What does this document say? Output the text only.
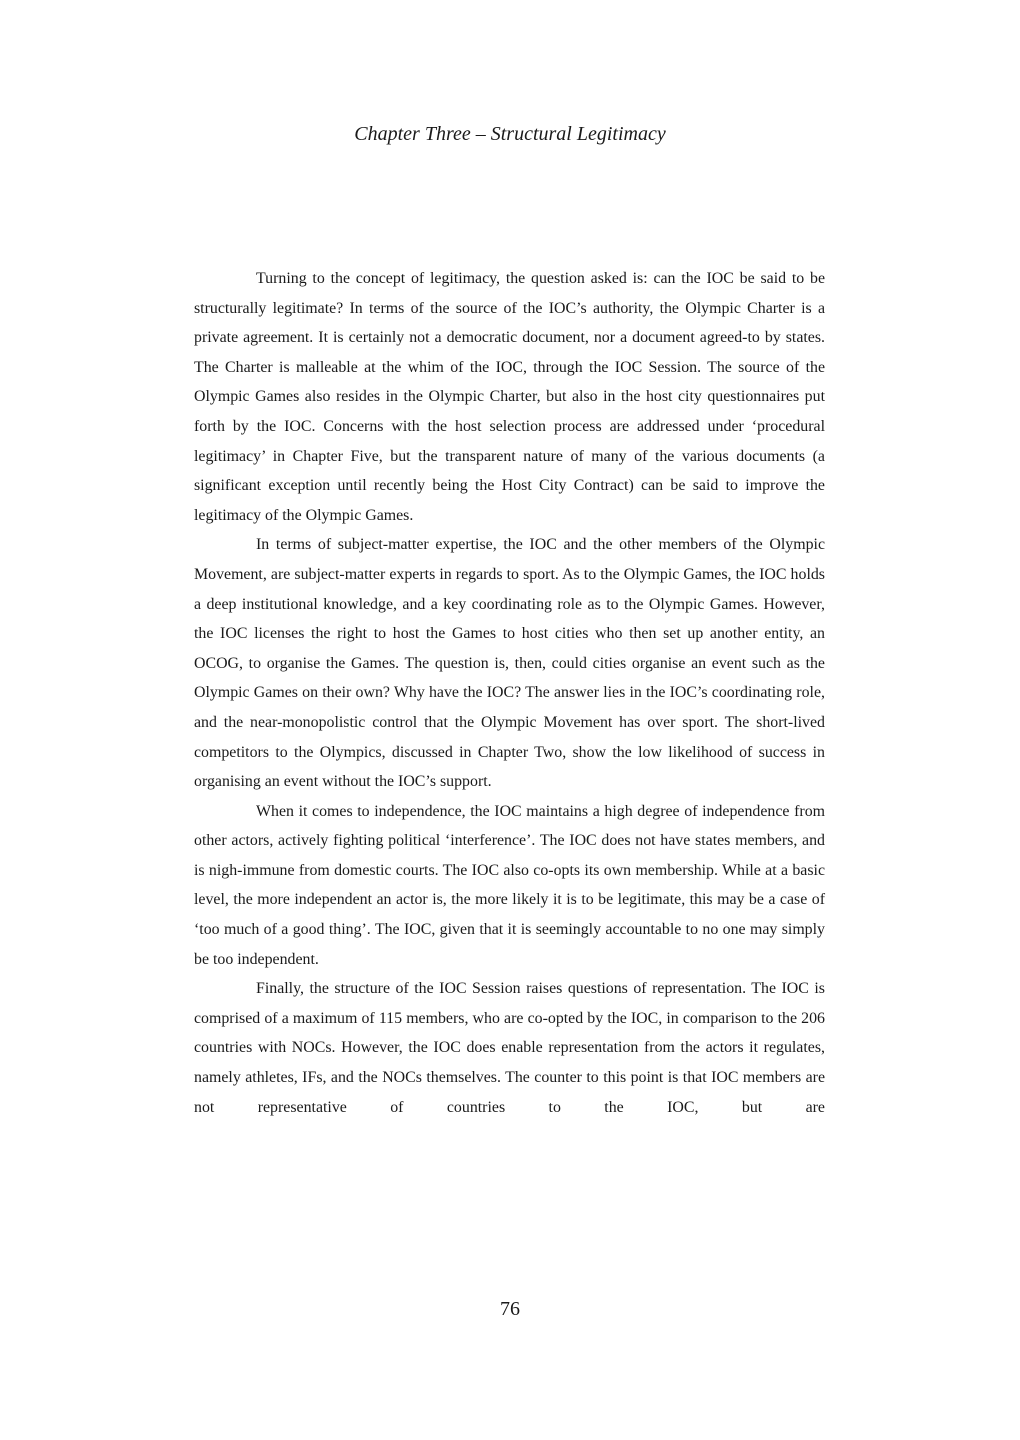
Chapter Three – Structural Legitimacy

Turning to the concept of legitimacy, the question asked is: can the IOC be said to be structurally legitimate? In terms of the source of the IOC’s authority, the Olympic Charter is a private agreement. It is certainly not a democratic document, nor a document agreed-to by states. The Charter is malleable at the whim of the IOC, through the IOC Session. The source of the Olympic Games also resides in the Olympic Charter, but also in the host city questionnaires put forth by the IOC. Concerns with the host selection process are addressed under ‘procedural legitimacy’ in Chapter Five, but the transparent nature of many of the various documents (a significant exception until recently being the Host City Contract) can be said to improve the legitimacy of the Olympic Games.

In terms of subject-matter expertise, the IOC and the other members of the Olympic Movement, are subject-matter experts in regards to sport. As to the Olympic Games, the IOC holds a deep institutional knowledge, and a key coordinating role as to the Olympic Games. However, the IOC licenses the right to host the Games to host cities who then set up another entity, an OCOG, to organise the Games. The question is, then, could cities organise an event such as the Olympic Games on their own? Why have the IOC? The answer lies in the IOC’s coordinating role, and the near-monopolistic control that the Olympic Movement has over sport. The short-lived competitors to the Olympics, discussed in Chapter Two, show the low likelihood of success in organising an event without the IOC’s support.

When it comes to independence, the IOC maintains a high degree of independence from other actors, actively fighting political ‘interference’. The IOC does not have states members, and is nigh-immune from domestic courts. The IOC also co-opts its own membership. While at a basic level, the more independent an actor is, the more likely it is to be legitimate, this may be a case of ‘too much of a good thing’. The IOC, given that it is seemingly accountable to no one may simply be too independent.

Finally, the structure of the IOC Session raises questions of representation. The IOC is comprised of a maximum of 115 members, who are co-opted by the IOC, in comparison to the 206 countries with NOCs. However, the IOC does enable representation from the actors it regulates, namely athletes, IFs, and the NOCs themselves. The counter to this point is that IOC members are not representative of countries to the IOC, but are

76
